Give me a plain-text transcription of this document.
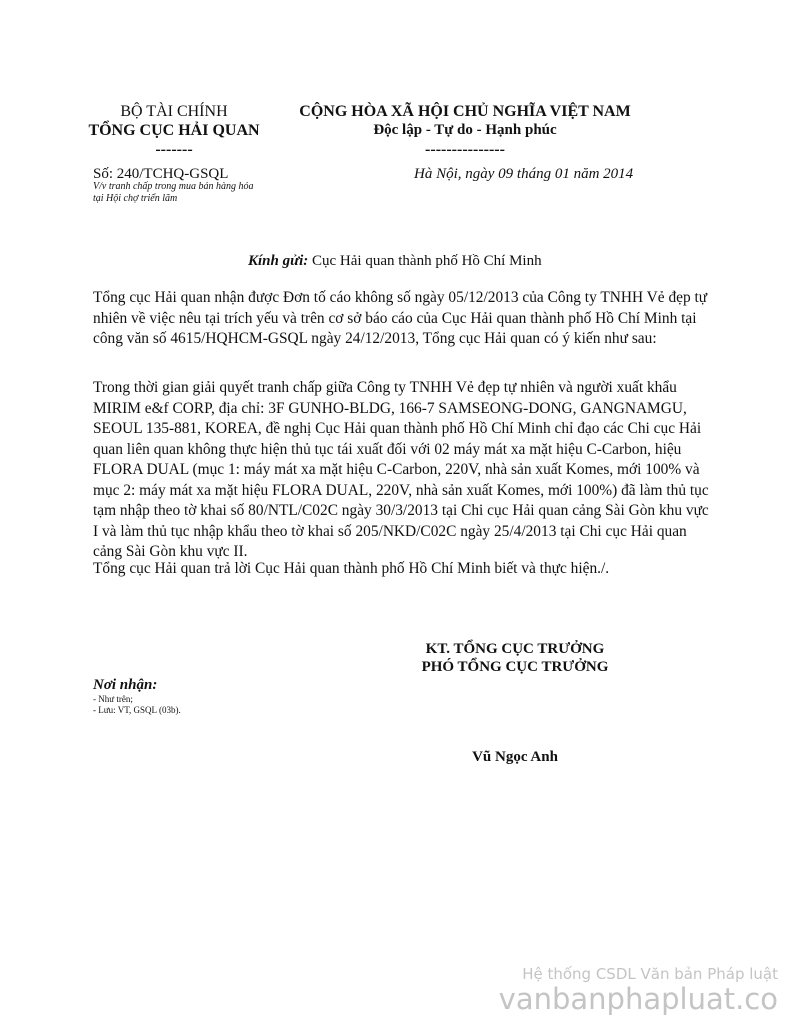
BỘ TÀI CHÍNH
TỔNG CỤC HẢI QUAN
-------
CỘNG HÒA XÃ HỘI CHỦ NGHĨA VIỆT NAM
Độc lập - Tự do - Hạnh phúc
---------------
Số: 240/TCHQ-GSQL
V/v tranh chấp trong mua bán hàng hóa
tại Hội chợ triển lãm
Hà Nội, ngày 09 tháng 01 năm 2014
Kính gửi: Cục Hải quan thành phố Hồ Chí Minh
Tổng cục Hải quan nhận được Đơn tố cáo không số ngày 05/12/2013 của Công ty TNHH Vẻ đẹp tự nhiên về việc nêu tại trích yếu và trên cơ sở báo cáo của Cục Hải quan thành phố Hồ Chí Minh tại công văn số 4615/HQHCM-GSQL ngày 24/12/2013, Tổng cục Hải quan có ý kiến như sau:
Trong thời gian giải quyết tranh chấp giữa Công ty TNHH Vẻ đẹp tự nhiên và người xuất khẩu MIRIM e&f CORP, địa chỉ: 3F GUNHO-BLDG, 166-7 SAMSEONG-DONG, GANGNAMGU, SEOUL 135-881, KOREA, đề nghị Cục Hải quan thành phố Hồ Chí Minh chỉ đạo các Chi cục Hải quan liên quan không thực hiện thủ tục tái xuất đối với 02 máy mát xa mặt hiệu C-Carbon, hiệu FLORA DUAL (mục 1: máy mát xa mặt hiệu C-Carbon, 220V, nhà sản xuất Komes, mới 100% và mục 2: máy mát xa mặt hiệu FLORA DUAL, 220V, nhà sản xuất Komes, mới 100%) đã làm thủ tục tạm nhập theo tờ khai số 80/NTL/C02C ngày 30/3/2013 tại Chi cục Hải quan cảng Sài Gòn khu vực I và làm thủ tục nhập khẩu theo tờ khai số 205/NKD/C02C ngày 25/4/2013 tại Chi cục Hải quan cảng Sài Gòn khu vực II.
Tổng cục Hải quan trả lời Cục Hải quan thành phố Hồ Chí Minh biết và thực hiện./.
KT. TỔNG CỤC TRƯỞNG
PHÓ TỔNG CỤC TRƯỞNG
Vũ Ngọc Anh
Nơi nhận:
- Như trên;
- Lưu: VT, GSQL (03b).
Hệ thống CSDL Văn bản Pháp luật
vanbanphapluat.co
